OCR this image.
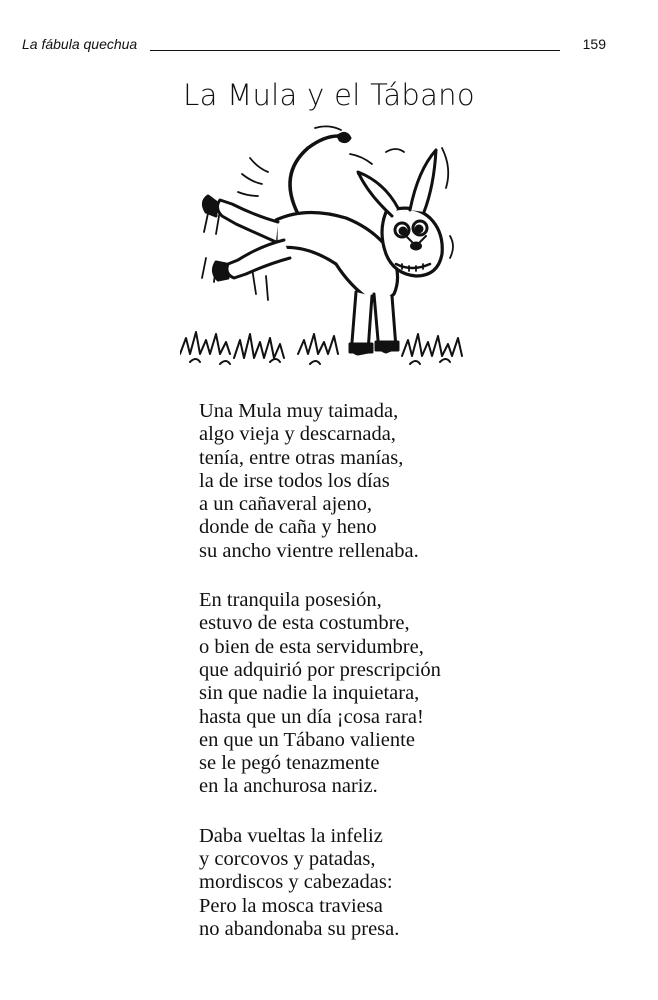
La fábula quechua	159
La Mula y el Tábano
Una Mula muy taimada,
algo vieja y descarnada,
tenía, entre otras manías,
la de irse todos los días
a un cañaveral ajeno,
donde de caña y heno
su ancho vientre rellenaba.
En tranquila posesión,
estuvo de esta costumbre,
o bien de esta servidumbre,
que adquirió por prescripción
sin que nadie la inquietara,
hasta que un día ¡cosa rara!
en que un Tábano valiente
se le pegó tenazmente
en la anchurosa nariz.
Daba vueltas la infeliz
y corcovos y patadas,
mordiscos y cabezadas:
Pero la mosca traviesa
no abandonaba su presa.
